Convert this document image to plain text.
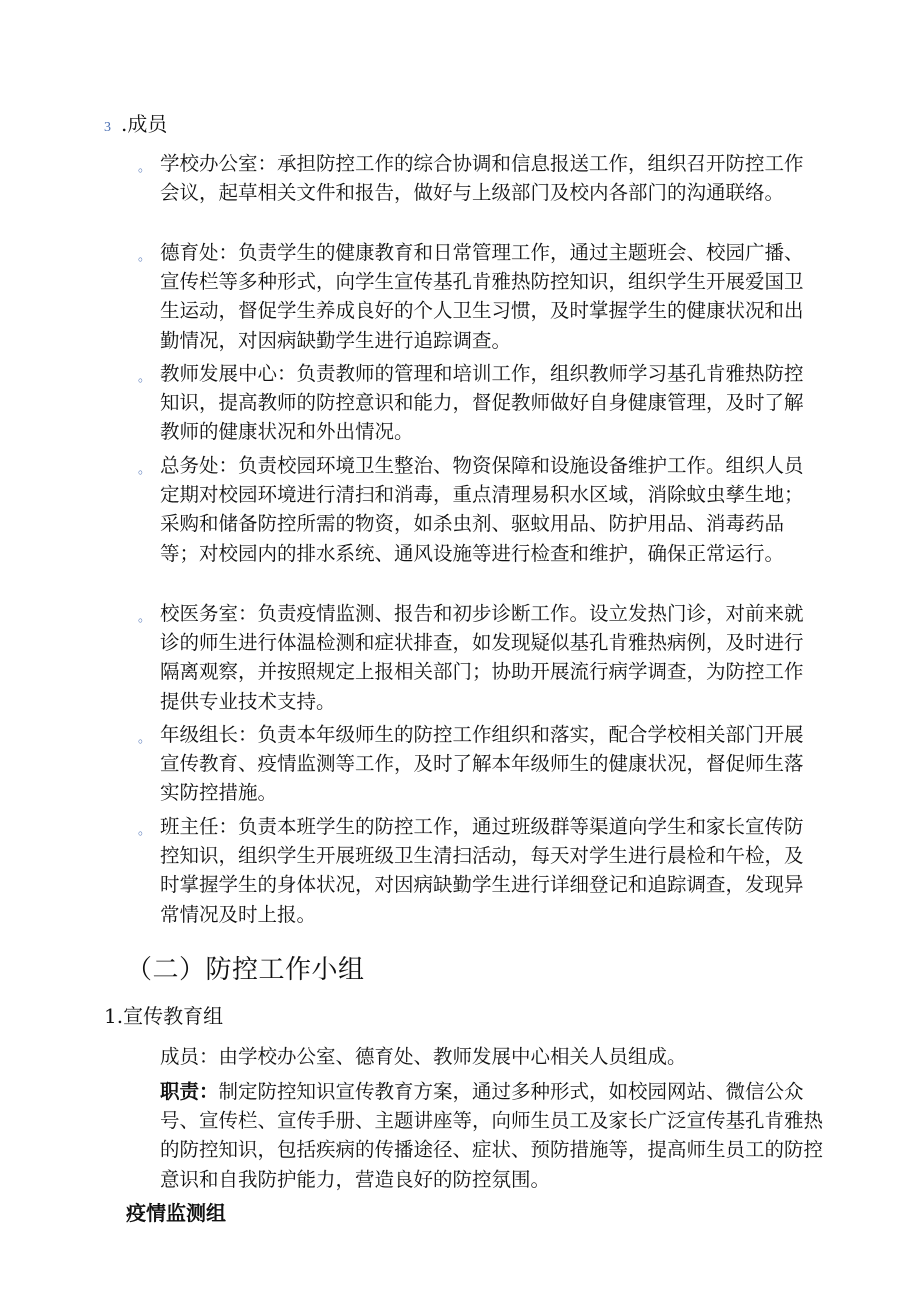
3 .成员
。 学校办公室：承担防控工作的综合协调和信息报送工作，组织召开防控工作会议，起草相关文件和报告，做好与上级部门及校内各部门的沟通联络。
。 德育处：负责学生的健康教育和日常管理工作，通过主题班会、校园广播、宣传栏等多种形式，向学生宣传基孔肯雅热防控知识，组织学生开展爱国卫生运动，督促学生养成良好的个人卫生习惯，及时掌握学生的健康状况和出勤情况，对因病缺勤学生进行追踪调查。
。 教师发展中心：负责教师的管理和培训工作，组织教师学习基孔肯雅热防控知识，提高教师的防控意识和能力，督促教师做好自身健康管理，及时了解教师的健康状况和外出情况。
。 总务处：负责校园环境卫生整治、物资保障和设施设备维护工作。组织人员定期对校园环境进行清扫和消毒，重点清理易积水区域，消除蚊虫孳生地；采购和储备防控所需的物资，如杀虫剂、驱蚊用品、防护用品、消毒药品等；对校园内的排水系统、通风设施等进行检查和维护，确保正常运行。
。 校医务室：负责疫情监测、报告和初步诊断工作。设立发热门诊，对前来就诊的师生进行体温检测和症状排查，如发现疑似基孔肯雅热病例，及时进行隔离观察，并按照规定上报相关部门；协助开展流行病学调查，为防控工作提供专业技术支持。
。 年级组长：负责本年级师生的防控工作组织和落实，配合学校相关部门开展宣传教育、疫情监测等工作，及时了解本年级师生的健康状况，督促师生落实防控措施。
。 班主任：负责本班学生的防控工作，通过班级群等渠道向学生和家长宣传防控知识，组织学生开展班级卫生清扫活动，每天对学生进行晨检和午检，及时掌握学生的身体状况，对因病缺勤学生进行详细登记和追踪调查，发现异常情况及时上报。
（二）防控工作小组
1.宣传教育组
成员：由学校办公室、德育处、教师发展中心相关人员组成。
职责：制定防控知识宣传教育方案，通过多种形式，如校园网站、微信公众号、宣传栏、宣传手册、主题讲座等，向师生员工及家长广泛宣传基孔肯雅热的防控知识，包括疾病的传播途径、症状、预防措施等，提高师生员工的防控意识和自我防护能力，营造良好的防控氛围。
疫情监测组
